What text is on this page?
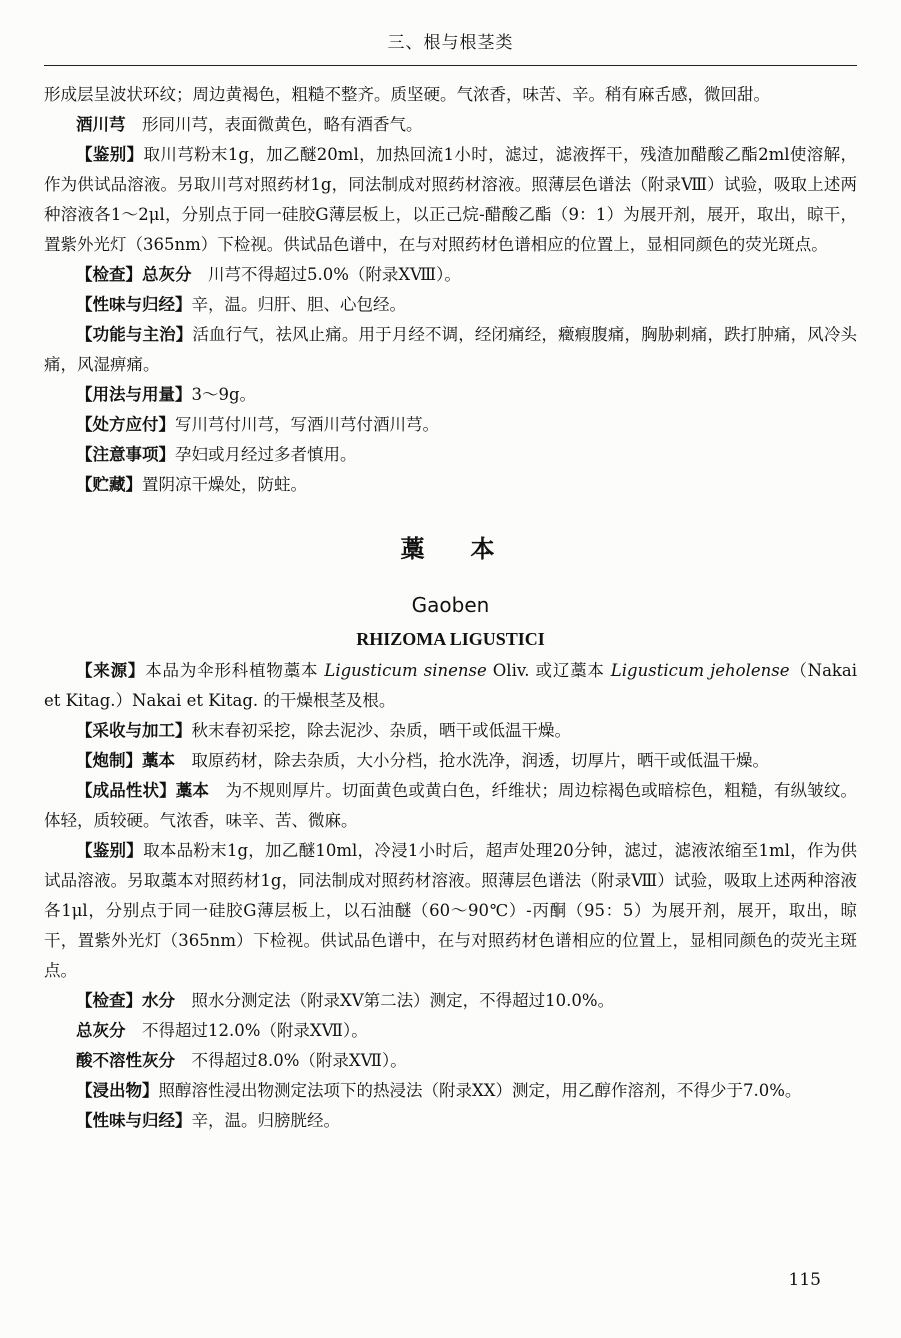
三、根与根茎类

形成层呈波状环纹；周边黄褐色，粗糙不整齐。质坚硬。气浓香，味苦、辛。稍有麻舌感，微回甜。

酒川芎  形同川芎，表面微黄色，略有酒香气。

【鉴别】取川芎粉末1g，加乙醚20ml，加热回流1小时，滤过，滤液挥干，残渣加醋酸乙酯2ml使溶解，作为供试品溶液。另取川芎对照药材1g，同法制成对照药材溶液。照薄层色谱法（附录Ⅷ）试验，吸取上述两种溶液各1～2μl，分别点于同一硅胶G薄层板上，以正己烷-醋酸乙酯（9：1）为展开剂，展开，取出，晾干，置紫外光灯（365nm）下检视。供试品色谱中，在与对照药材色谱相应的位置上，显相同颜色的荧光斑点。

【检查】总灰分  川芎不得超过5.0%（附录ⅩⅧ）。

【性味与归经】辛，温。归肝、胆、心包经。

【功能与主治】活血行气，祛风止痛。用于月经不调，经闭痛经，癥瘕腹痛，胸胁刺痛，跌打肿痛，风冷头痛，风湿痹痛。

【用法与用量】3～9g。

【处方应付】写川芎付川芎，写酒川芎付酒川芎。

【注意事项】孕妇或月经过多者慎用。

【贮藏】置阴凉干燥处，防蛀。

藁本
Gaoben
RHIZOMA LIGUSTICI

【来源】本品为伞形科植物藁本 Ligusticum sinense Oliv. 或辽藁本 Ligusticum jeholense（Nakai et Kitag.）Nakai et Kitag. 的干燥根茎及根。

【采收与加工】秋末春初采挖，除去泥沙、杂质，晒干或低温干燥。

【炮制】藁本  取原药材，除去杂质，大小分档，抢水洗净，润透，切厚片，晒干或低温干燥。

【成品性状】藁本  为不规则厚片。切面黄色或黄白色，纤维状；周边棕褐色或暗棕色，粗糙，有纵皱纹。体轻，质较硬。气浓香，味辛、苦、微麻。

【鉴别】取本品粉末1g，加乙醚10ml，冷浸1小时后，超声处理20分钟，滤过，滤液浓缩至1ml，作为供试品溶液。另取藁本对照药材1g，同法制成对照药材溶液。照薄层色谱法（附录Ⅷ）试验，吸取上述两种溶液各1μl，分别点于同一硅胶G薄层板上，以石油醚（60～90℃）-丙酮（95：5）为展开剂，展开，取出，晾干，置紫外光灯（365nm）下检视。供试品色谱中，在与对照药材色谱相应的位置上，显相同颜色的荧光主斑点。

【检查】水分  照水分测定法（附录ⅩⅤ第二法）测定，不得超过10.0%。

总灰分  不得超过12.0%（附录ⅩⅦ）。

酸不溶性灰分  不得超过8.0%（附录ⅩⅦ）。

【浸出物】照醇溶性浸出物测定法项下的热浸法（附录ⅩⅩ）测定，用乙醇作溶剂，不得少于7.0%。

【性味与归经】辛，温。归膀胱经。

115
